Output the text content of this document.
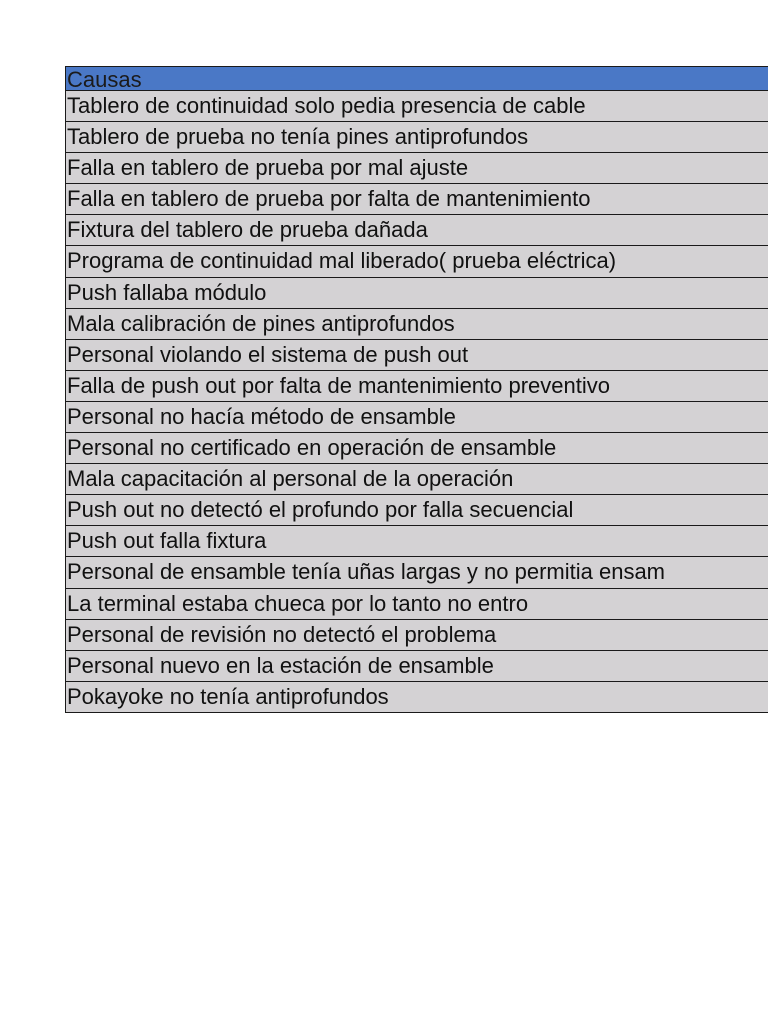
Causas
Tablero de continuidad solo pedia presencia de cable
Tablero de prueba no tenía pines antiprofundos
Falla en tablero de prueba por mal ajuste
Falla en tablero de prueba por falta de mantenimiento
Fixtura del tablero de prueba dañada
Programa de continuidad mal liberado( prueba eléctrica)
Push fallaba módulo
Mala calibración de pines antiprofundos
Personal violando el sistema de push out
Falla de push out por falta de mantenimiento preventivo
Personal no hacía método de ensamble
Personal no certificado en operación de ensamble
Mala capacitación al personal de la operación
Push out no detectó el profundo por falla secuencial
Push out falla fixtura
Personal de ensamble tenía uñas largas y no permitia ensam
La terminal estaba chueca por lo tanto no entro
Personal de revisión no detectó el problema
Personal nuevo en la estación de ensamble
Pokayoke no tenía antiprofundos
